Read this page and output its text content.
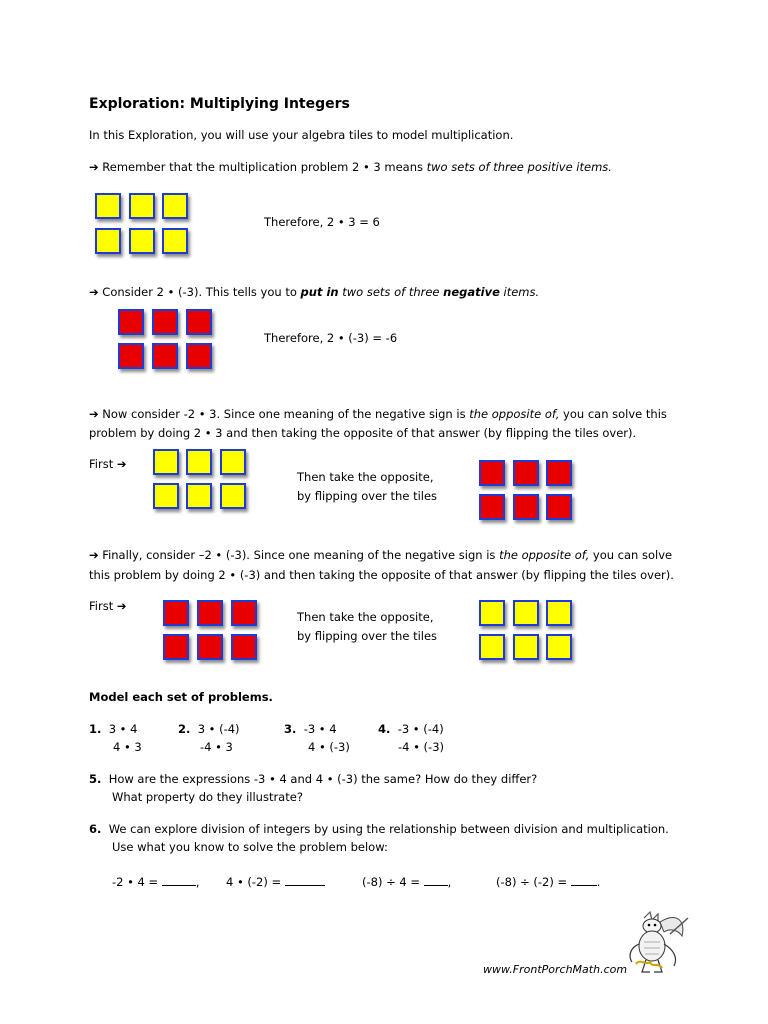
Exploration: Multiplying Integers
In this Exploration, you will use your algebra tiles to model multiplication.
➔ Remember that the multiplication problem 2 • 3 means two sets of three positive items.
Therefore, 2 • 3 = 6
➔ Consider 2 • (-3). This tells you to put in two sets of three negative items.
Therefore, 2 • (-3) = -6
➔ Now consider -2 • 3. Since one meaning of the negative sign is the opposite of, you can solve this
problem by doing 2 • 3 and then taking the opposite of that answer (by flipping the tiles over).
First ➔
Then take the opposite,
by flipping over the tiles
➔ Finally, consider –2 • (-3). Since one meaning of the negative sign is the opposite of, you can solve
this problem by doing 2 • (-3) and then taking the opposite of that answer (by flipping the tiles over).
First ➔
Then take the opposite,
by flipping over the tiles
Model each set of problems.
1. 3 • 4
4 • 3
2. 3 • (-4)
-4 • 3
3. -3 • 4
4 • (-3)
4. -3 • (-4)
-4 • (-3)
5. How are the expressions -3 • 4 and 4 • (-3) the same? How do they differ?
What property do they illustrate?
6. We can explore division of integers by using the relationship between division and multiplication.
Use what you know to solve the problem below:
-2 • 4 =	, 4 • (-2) =	(-8) ÷ 4 = ,	(-8) ÷ (-2) = .
www.FrontPorchMath.com
